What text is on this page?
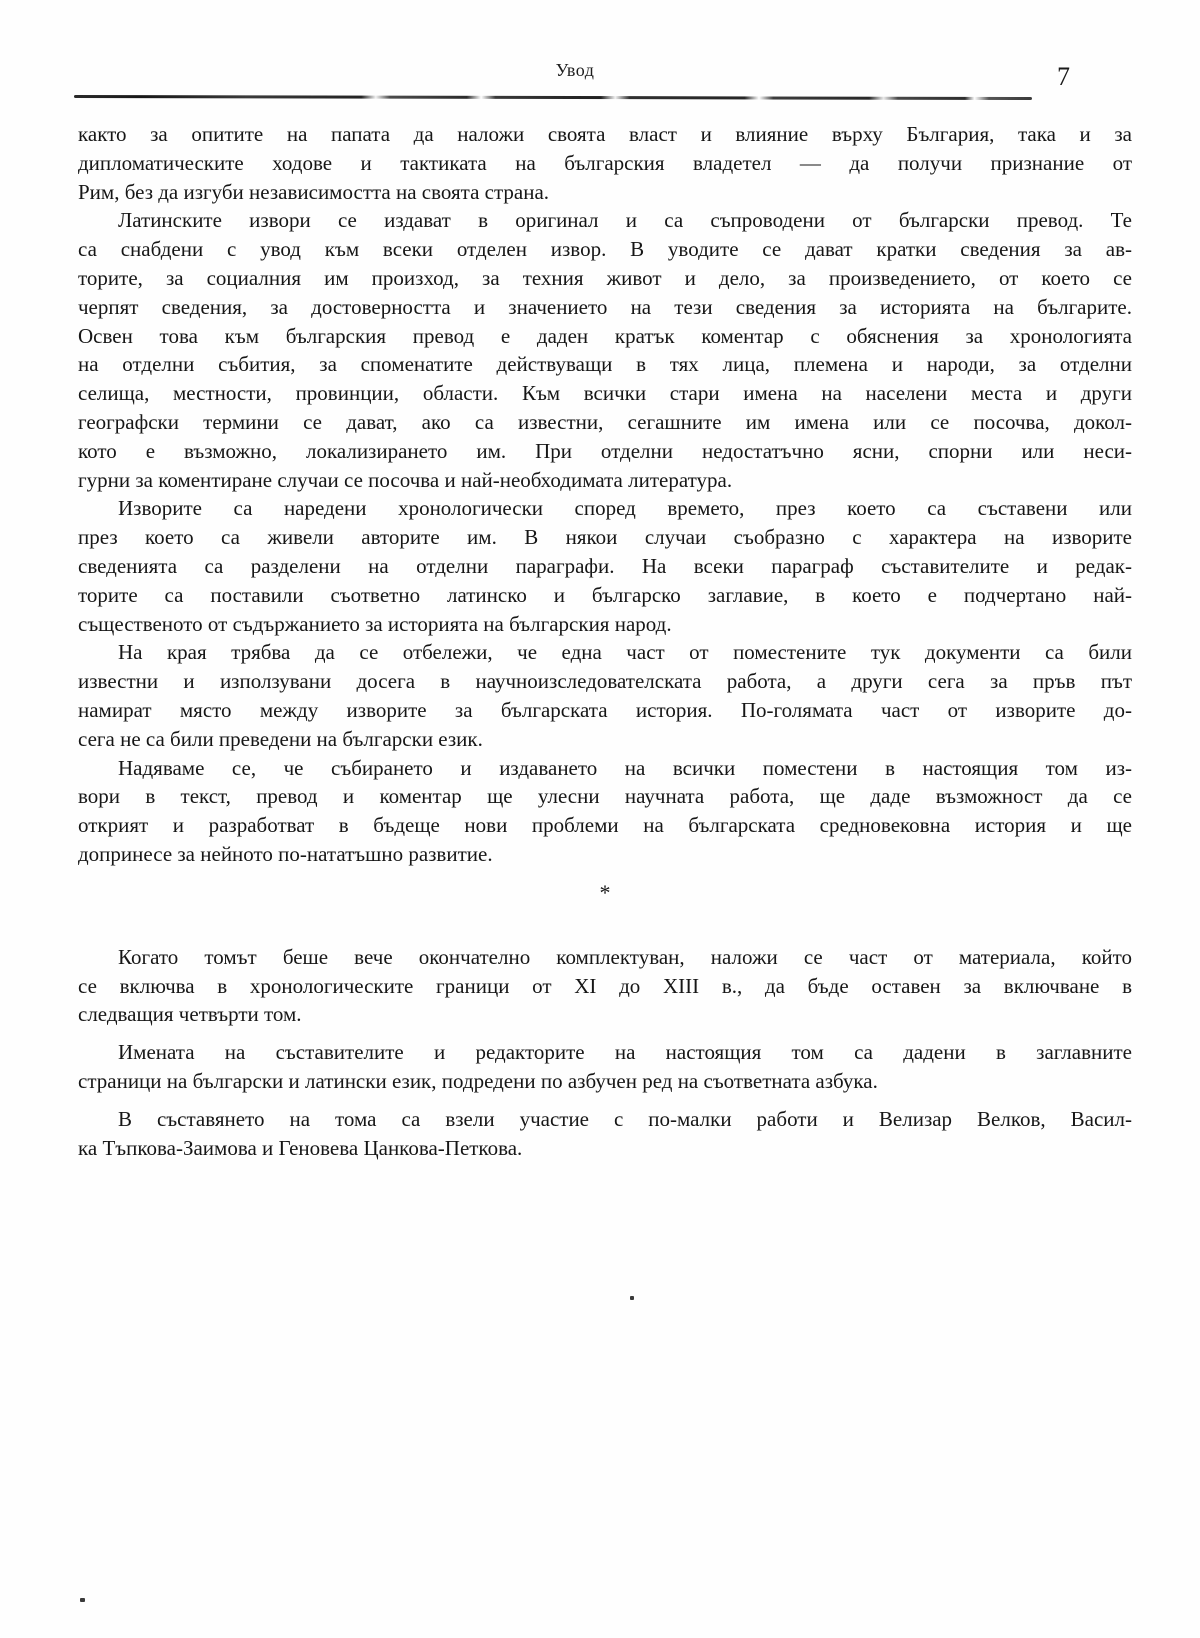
Увод	7

както за опитите на папата да наложи своята власт и влияние върху България, така и за
дипломатическите ходове и тактиката на българския владетел — да получи признание от
Рим, без да изгуби независимостта на своята страна.

Латинските извори се издават в оригинал и са съпроводени от български превод. Те
са снабдени с увод към всеки отделен извор. В уводите се дават кратки сведения за ав-
торите, за социалния им произход, за техния живот и дело, за произведението, от което се
черпят сведения, за достоверността и значението на тези сведения за историята на българите.
Освен това към българския превод е даден кратък коментар с обяснения за хронологията
на отделни събития, за споменатите действуващи в тях лица, племена и народи, за отделни
селища, местности, провинции, области. Към всички стари имена на населени места и други
географски термини се дават, ако са известни, сегашните им имена или се посочва, докол-
кото е възможно, локализирането им. При отделни недостатъчно ясни, спорни или неси-
гурни за коментиране случаи се посочва и най-необходимата литература.

Изворите са наредени хронологически според времето, през което са съставени или
през което са живели авторите им. В някои случаи съобразно с характера на изворите
сведенията са разделени на отделни параграфи. На всеки параграф съставителите и редак-
торите са поставили съответно латинско и българско заглавие, в което е подчертано най-
същественото от съдържанието за историята на българския народ.

На края трябва да се отбележи, че една част от поместените тук документи са били
известни и използувани досега в научноизследователската работа, а други сега за пръв път
намират място между изворите за българската история. По-голямата част от изворите до-
сега не са били преведени на български език.

Надяваме се, че събирането и издаването на всички поместени в настоящия том из-
вори в текст, превод и коментар ще улесни научната работа, ще даде възможност да се
открият и разработват в бъдеще нови проблеми на българската средновековна история и ще
допринесе за нейното по-нататъшно развитие.

*

Когато томът беше вече окончателно комплектуван, наложи се част от материала, който
се включва в хронологическите граници от XI до XIII в., да бъде оставен за включване в
следващия четвърти том.

Имената на съставителите и редакторите на настоящия том са дадени в заглавните
страници на български и латински език, подредени по азбучен ред на съответната азбука.

В съставянето на тома са взели участие с по-малки работи и Велизар Велков, Васил-
ка Тъпкова-Заимова и Геновева Цанкова-Петкова.
